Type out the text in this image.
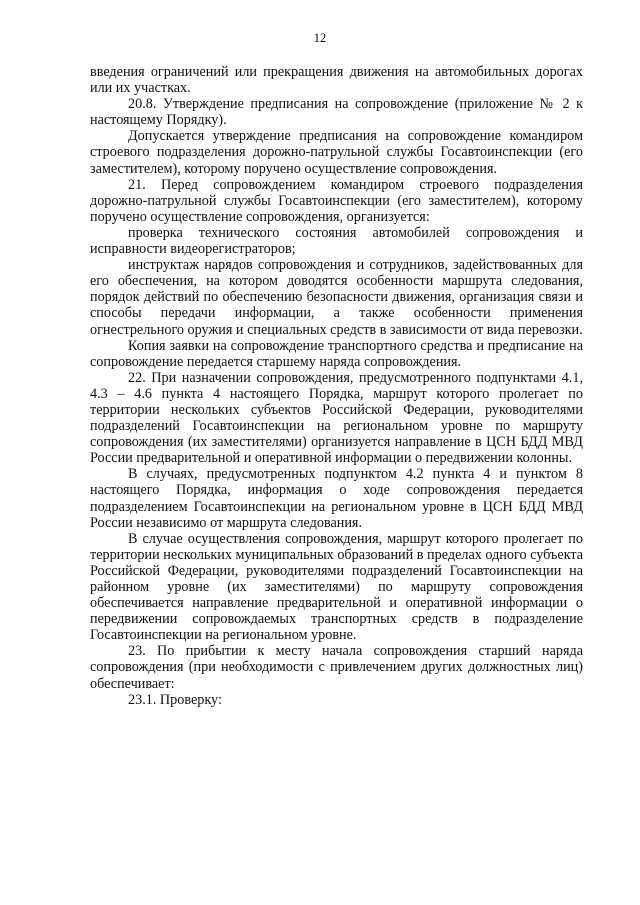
12

введения ограничений или прекращения движения на автомобильных дорогах или их участках.

20.8. Утверждение предписания на сопровождение (приложение № 2 к настоящему Порядку).

Допускается утверждение предписания на сопровождение командиром строевого подразделения дорожно-патрульной службы Госавтоинспекции (его заместителем), которому поручено осуществление сопровождения.

21. Перед сопровождением командиром строевого подразделения дорожно-патрульной службы Госавтоинспекции (его заместителем), которому поручено осуществление сопровождения, организуется:

проверка технического состояния автомобилей сопровождения и исправности видеорегистраторов;

инструктаж нарядов сопровождения и сотрудников, задействованных для его обеспечения, на котором доводятся особенности маршрута следования, порядок действий по обеспечению безопасности движения, организация связи и способы передачи информации, а также особенности применения огнестрельного оружия и специальных средств в зависимости от вида перевозки.

Копия заявки на сопровождение транспортного средства и предписание на сопровождение передается старшему наряда сопровождения.

22. При назначении сопровождения, предусмотренного подпунктами 4.1, 4.3 – 4.6 пункта 4 настоящего Порядка, маршрут которого пролегает по территории нескольких субъектов Российской Федерации, руководителями подразделений Госавтоинспекции на региональном уровне по маршруту сопровождения (их заместителями) организуется направление в ЦСН БДД МВД России предварительной и оперативной информации о передвижении колонны.

В случаях, предусмотренных подпунктом 4.2 пункта 4 и пунктом 8 настоящего Порядка, информация о ходе сопровождения передается подразделением Госавтоинспекции на региональном уровне в ЦСН БДД МВД России независимо от маршрута следования.

В случае осуществления сопровождения, маршрут которого пролегает по территории нескольких муниципальных образований в пределах одного субъекта Российской Федерации, руководителями подразделений Госавтоинспекции на районном уровне (их заместителями) по маршруту сопровождения обеспечивается направление предварительной и оперативной информации о передвижении сопровождаемых транспортных средств в подразделение Госавтоинспекции на региональном уровне.

23. По прибытии к месту начала сопровождения старший наряда сопровождения (при необходимости с привлечением других должностных лиц) обеспечивает:

23.1. Проверку:
